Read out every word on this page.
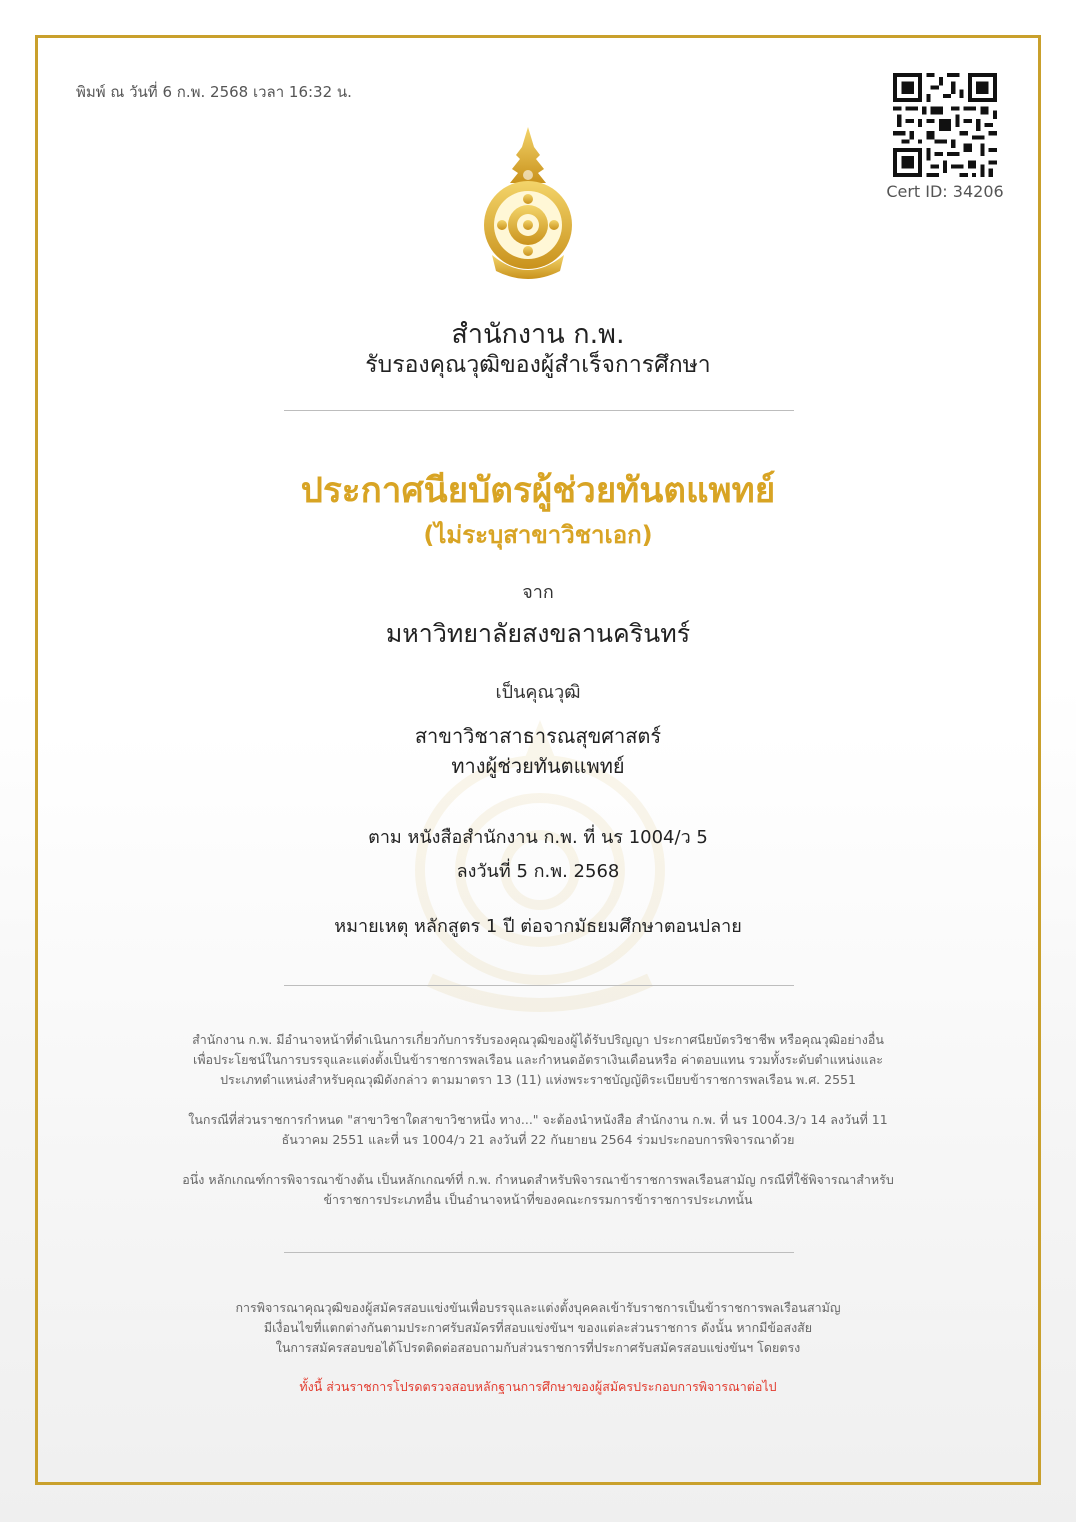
พิมพ์ ณ วันที่ 6 ก.พ. 2568 เวลา 16:32 น.
Cert ID: 34206
สำนักงาน ก.พ.
รับรองคุณวุฒิของผู้สำเร็จการศึกษา
ประกาศนียบัตรผู้ช่วยทันตแพทย์
(ไม่ระบุสาขาวิชาเอก)
จาก
มหาวิทยาลัยสงขลานครินทร์
เป็นคุณวุฒิ
สาขาวิชาสาธารณสุขศาสตร์
ทางผู้ช่วยทันตแพทย์
ตาม หนังสือสำนักงาน ก.พ. ที่ นร 1004/ว 5
ลงวันที่ 5 ก.พ. 2568
หมายเหตุ หลักสูตร 1 ปี ต่อจากมัธยมศึกษาตอนปลาย
สำนักงาน ก.พ. มีอำนาจหน้าที่ดำเนินการเกี่ยวกับการรับรองคุณวุฒิของผู้ได้รับปริญญา ประกาศนียบัตรวิชาชีพ หรือคุณวุฒิอย่างอื่น
เพื่อประโยชน์ในการบรรจุและแต่งตั้งเป็นข้าราชการพลเรือน และกำหนดอัตราเงินเดือนหรือ ค่าตอบแทน รวมทั้งระดับตำแหน่งและ
ประเภทตำแหน่งสำหรับคุณวุฒิดังกล่าว ตามมาตรา 13 (11) แห่งพระราชบัญญัติระเบียบข้าราชการพลเรือน พ.ศ. 2551
ในกรณีที่ส่วนราชการกำหนด "สาขาวิชาใดสาขาวิชาหนึ่ง ทาง..." จะต้องนำหนังสือ สำนักงาน ก.พ. ที่ นร 1004.3/ว 14 ลงวันที่ 11
ธันวาคม 2551 และที่ นร 1004/ว 21 ลงวันที่ 22 กันยายน 2564 ร่วมประกอบการพิจารณาด้วย
อนึ่ง หลักเกณฑ์การพิจารณาข้างต้น เป็นหลักเกณฑ์ที่ ก.พ. กำหนดสำหรับพิจารณาข้าราชการพลเรือนสามัญ กรณีที่ใช้พิจารณาสำหรับ
ข้าราชการประเภทอื่น เป็นอำนาจหน้าที่ของคณะกรรมการข้าราชการประเภทนั้น
การพิจารณาคุณวุฒิของผู้สมัครสอบแข่งขันเพื่อบรรจุและแต่งตั้งบุคคลเข้ารับราชการเป็นข้าราชการพลเรือนสามัญ
มีเงื่อนไขที่แตกต่างกันตามประกาศรับสมัครที่สอบแข่งขันฯ ของแต่ละส่วนราชการ ดังนั้น หากมีข้อสงสัย
ในการสมัครสอบขอได้โปรดติดต่อสอบถามกับส่วนราชการที่ประกาศรับสมัครสอบแข่งขันฯ โดยตรง
ทั้งนี้ ส่วนราชการโปรดตรวจสอบหลักฐานการศึกษาของผู้สมัครประกอบการพิจารณาต่อไป
